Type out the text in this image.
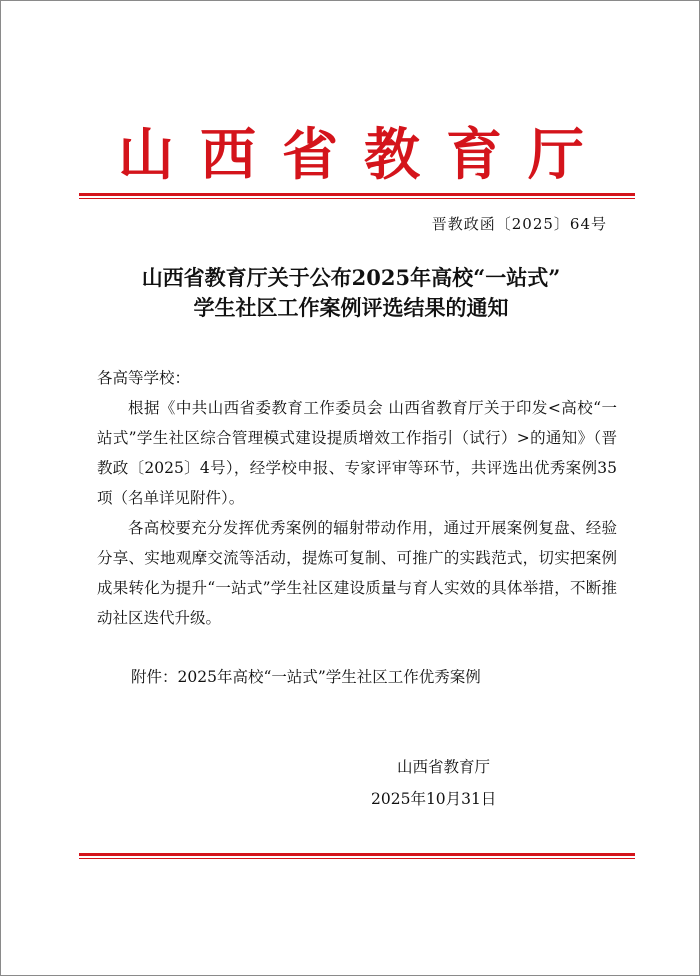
山西省教育厅
晋教政函〔2025〕64号
山西省教育厅关于公布2025年高校“一站式”
学生社区工作案例评选结果的通知

各高等学校：

根据《中共山西省委教育工作委员会 山西省教育厅关于印发<高校“一站式”学生社区综合管理模式建设提质增效工作指引（试行）>的通知》（晋教政〔2025〕4号），经学校申报、专家评审等环节，共评选出优秀案例35项（名单详见附件）。

各高校要充分发挥优秀案例的辐射带动作用，通过开展案例复盘、经验分享、实地观摩交流等活动，提炼可复制、可推广的实践范式，切实把案例成果转化为提升“一站式”学生社区建设质量与育人实效的具体举措，不断推动社区迭代升级。

附件：2025年高校“一站式”学生社区工作优秀案例
山西省教育厅
2025年10月31日
